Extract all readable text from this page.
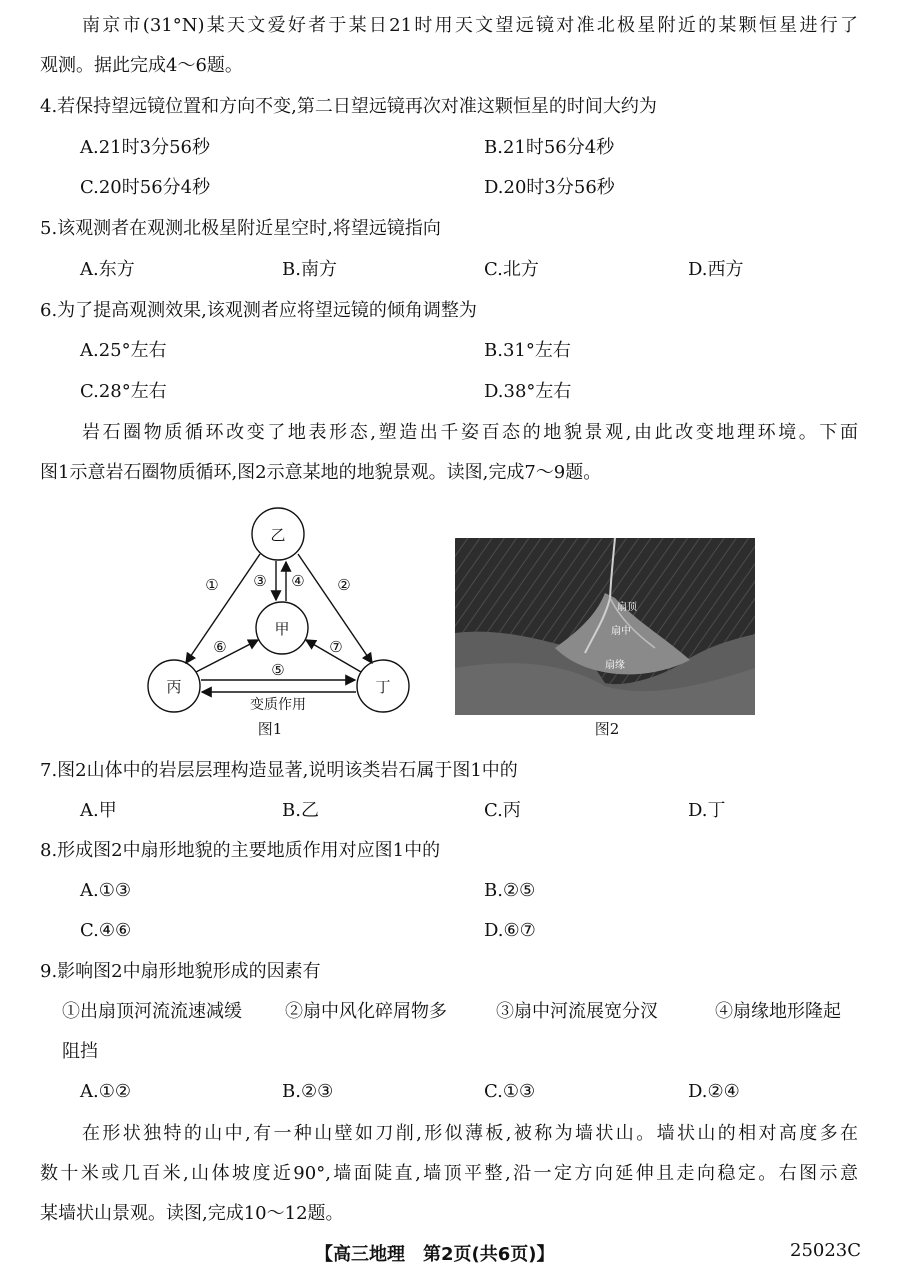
南京市(31°N)某天文爱好者于某日21时用天文望远镜对准北极星附近的某颗恒星进行了
观测。据此完成4～6题。
4.若保持望远镜位置和方向不变,第二日望远镜再次对准这颗恒星的时间大约为
A.21时3分56秒	B.21时56分4秒
C.20时56分4秒	D.20时3分56秒
5.该观测者在观测北极星附近星空时,将望远镜指向
A.东方	B.南方	C.北方	D.西方
6.为了提高观测效果,该观测者应将望远镜的倾角调整为
A.25°左右	B.31°左右
C.28°左右	D.38°左右
岩石圈物质循环改变了地表形态,塑造出千姿百态的地貌景观,由此改变地理环境。下面
图1示意岩石圈物质循环,图2示意某地的地貌景观。读图,完成7～9题。
乙
甲
丙	丁
①	②
③ ④
⑤
⑥	⑦
变质作用
图1
扇顶
扇中
扇缘
图2
7.图2山体中的岩层层理构造显著,说明该类岩石属于图1中的
A.甲	B.乙	C.丙	D.丁
8.形成图2中扇形地貌的主要地质作用对应图1中的
A.①③	B.②⑤
C.④⑥	D.⑥⑦
9.影响图2中扇形地貌形成的因素有
①出扇顶河流流速减缓 ②扇中风化碎屑物多	③扇中河流展宽分汊	④扇缘地形隆起
阻挡
A.①②	B.②③	C.①③	D.②④
在形状独特的山中,有一种山壁如刀削,形似薄板,被称为墙状山。墙状山的相对高度多在
数十米或几百米,山体坡度近90°,墙面陡直,墙顶平整,沿一定方向延伸且走向稳定。右图示意
某墙状山景观。读图,完成10～12题。
【高三地理　第2页(共6页)】	25023C
